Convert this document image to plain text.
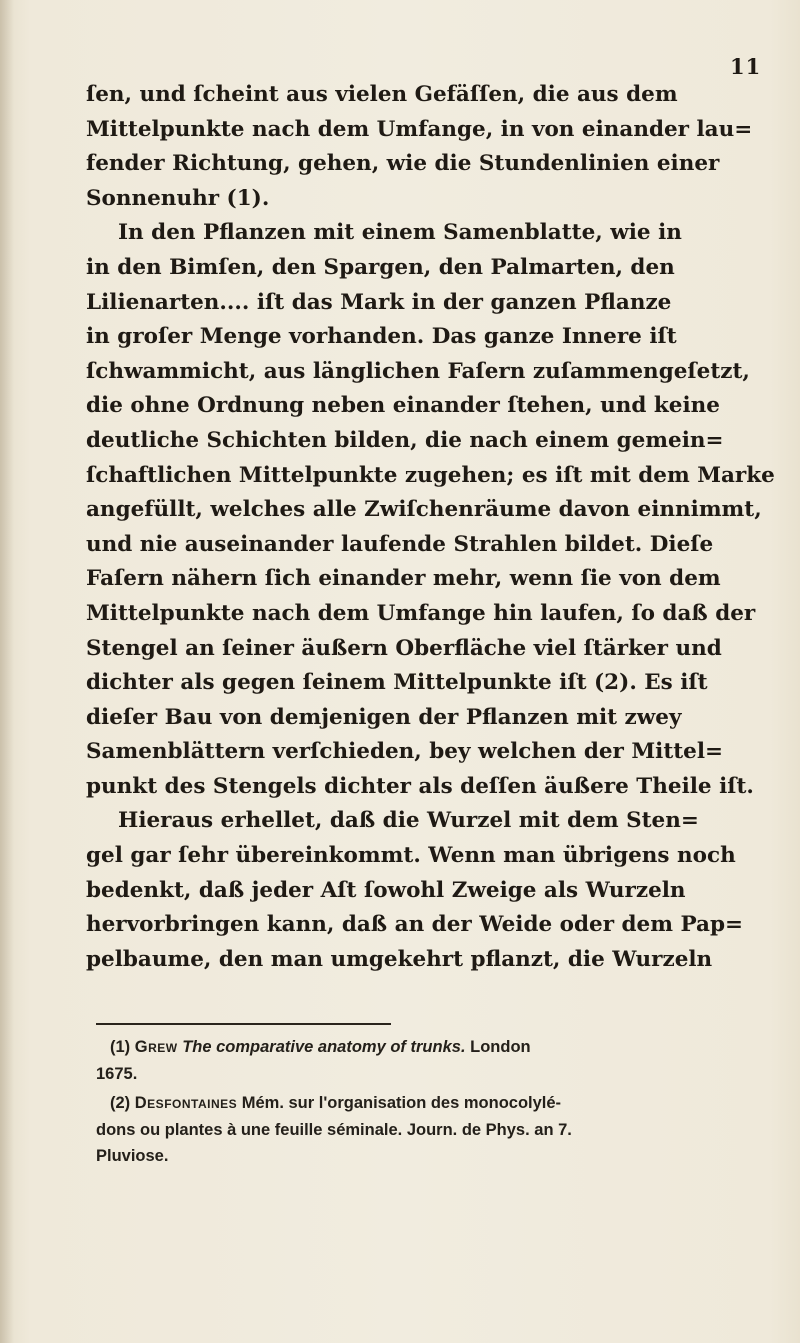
11
ſen, und ſcheint aus vielen Gefäſſen, die aus dem
Mittelpunkte nach dem Umfange, in von einander lau=
fender Richtung, gehen, wie die Stundenlinien einer
Sonnenuhr (1).
In den Pflanzen mit einem Samenblatte, wie in
in den Bimſen, den Spargen, den Palmarten, den
Lilienarten.... iſt das Mark in der ganzen Pflanze
in groſer Menge vorhanden. Das ganze Innere iſt
ſchwammicht, aus länglichen Faſern zuſammengeſetzt,
die ohne Ordnung neben einander ſtehen, und keine
deutliche Schichten bilden, die nach einem gemein=
ſchaftlichen Mittelpunkte zugehen; es iſt mit dem Marke
angefüllt, welches alle Zwiſchenräume davon einnimmt,
und nie auseinander laufende Strahlen bildet. Dieſe
Faſern nähern ſich einander mehr, wenn ſie von dem
Mittelpunkte nach dem Umfange hin laufen, ſo daß der
Stengel an ſeiner äußern Oberfläche viel ſtärker und
dichter als gegen ſeinem Mittelpunkte iſt (2). Es iſt
dieſer Bau von demjenigen der Pflanzen mit zwey
Samenblättern verſchieden, bey welchen der Mittel=
punkt des Stengels dichter als deſſen äußere Theile iſt.
Hieraus erhellet, daß die Wurzel mit dem Sten=
gel gar ſehr übereinkommt. Wenn man übrigens noch
bedenkt, daß jeder Aſt ſowohl Zweige als Wurzeln
hervorbringen kann, daß an der Weide oder dem Pap=
pelbaume, den man umgekehrt pflanzt, die Wurzeln
(1) Grew The comparative anatomy of trunks. London
1675.
(2) Desfontaines Mém. sur l'organisation des monocolylé-
dons ou plantes à une feuille séminale. Journ. de Phys. an 7.
Pluviose.
